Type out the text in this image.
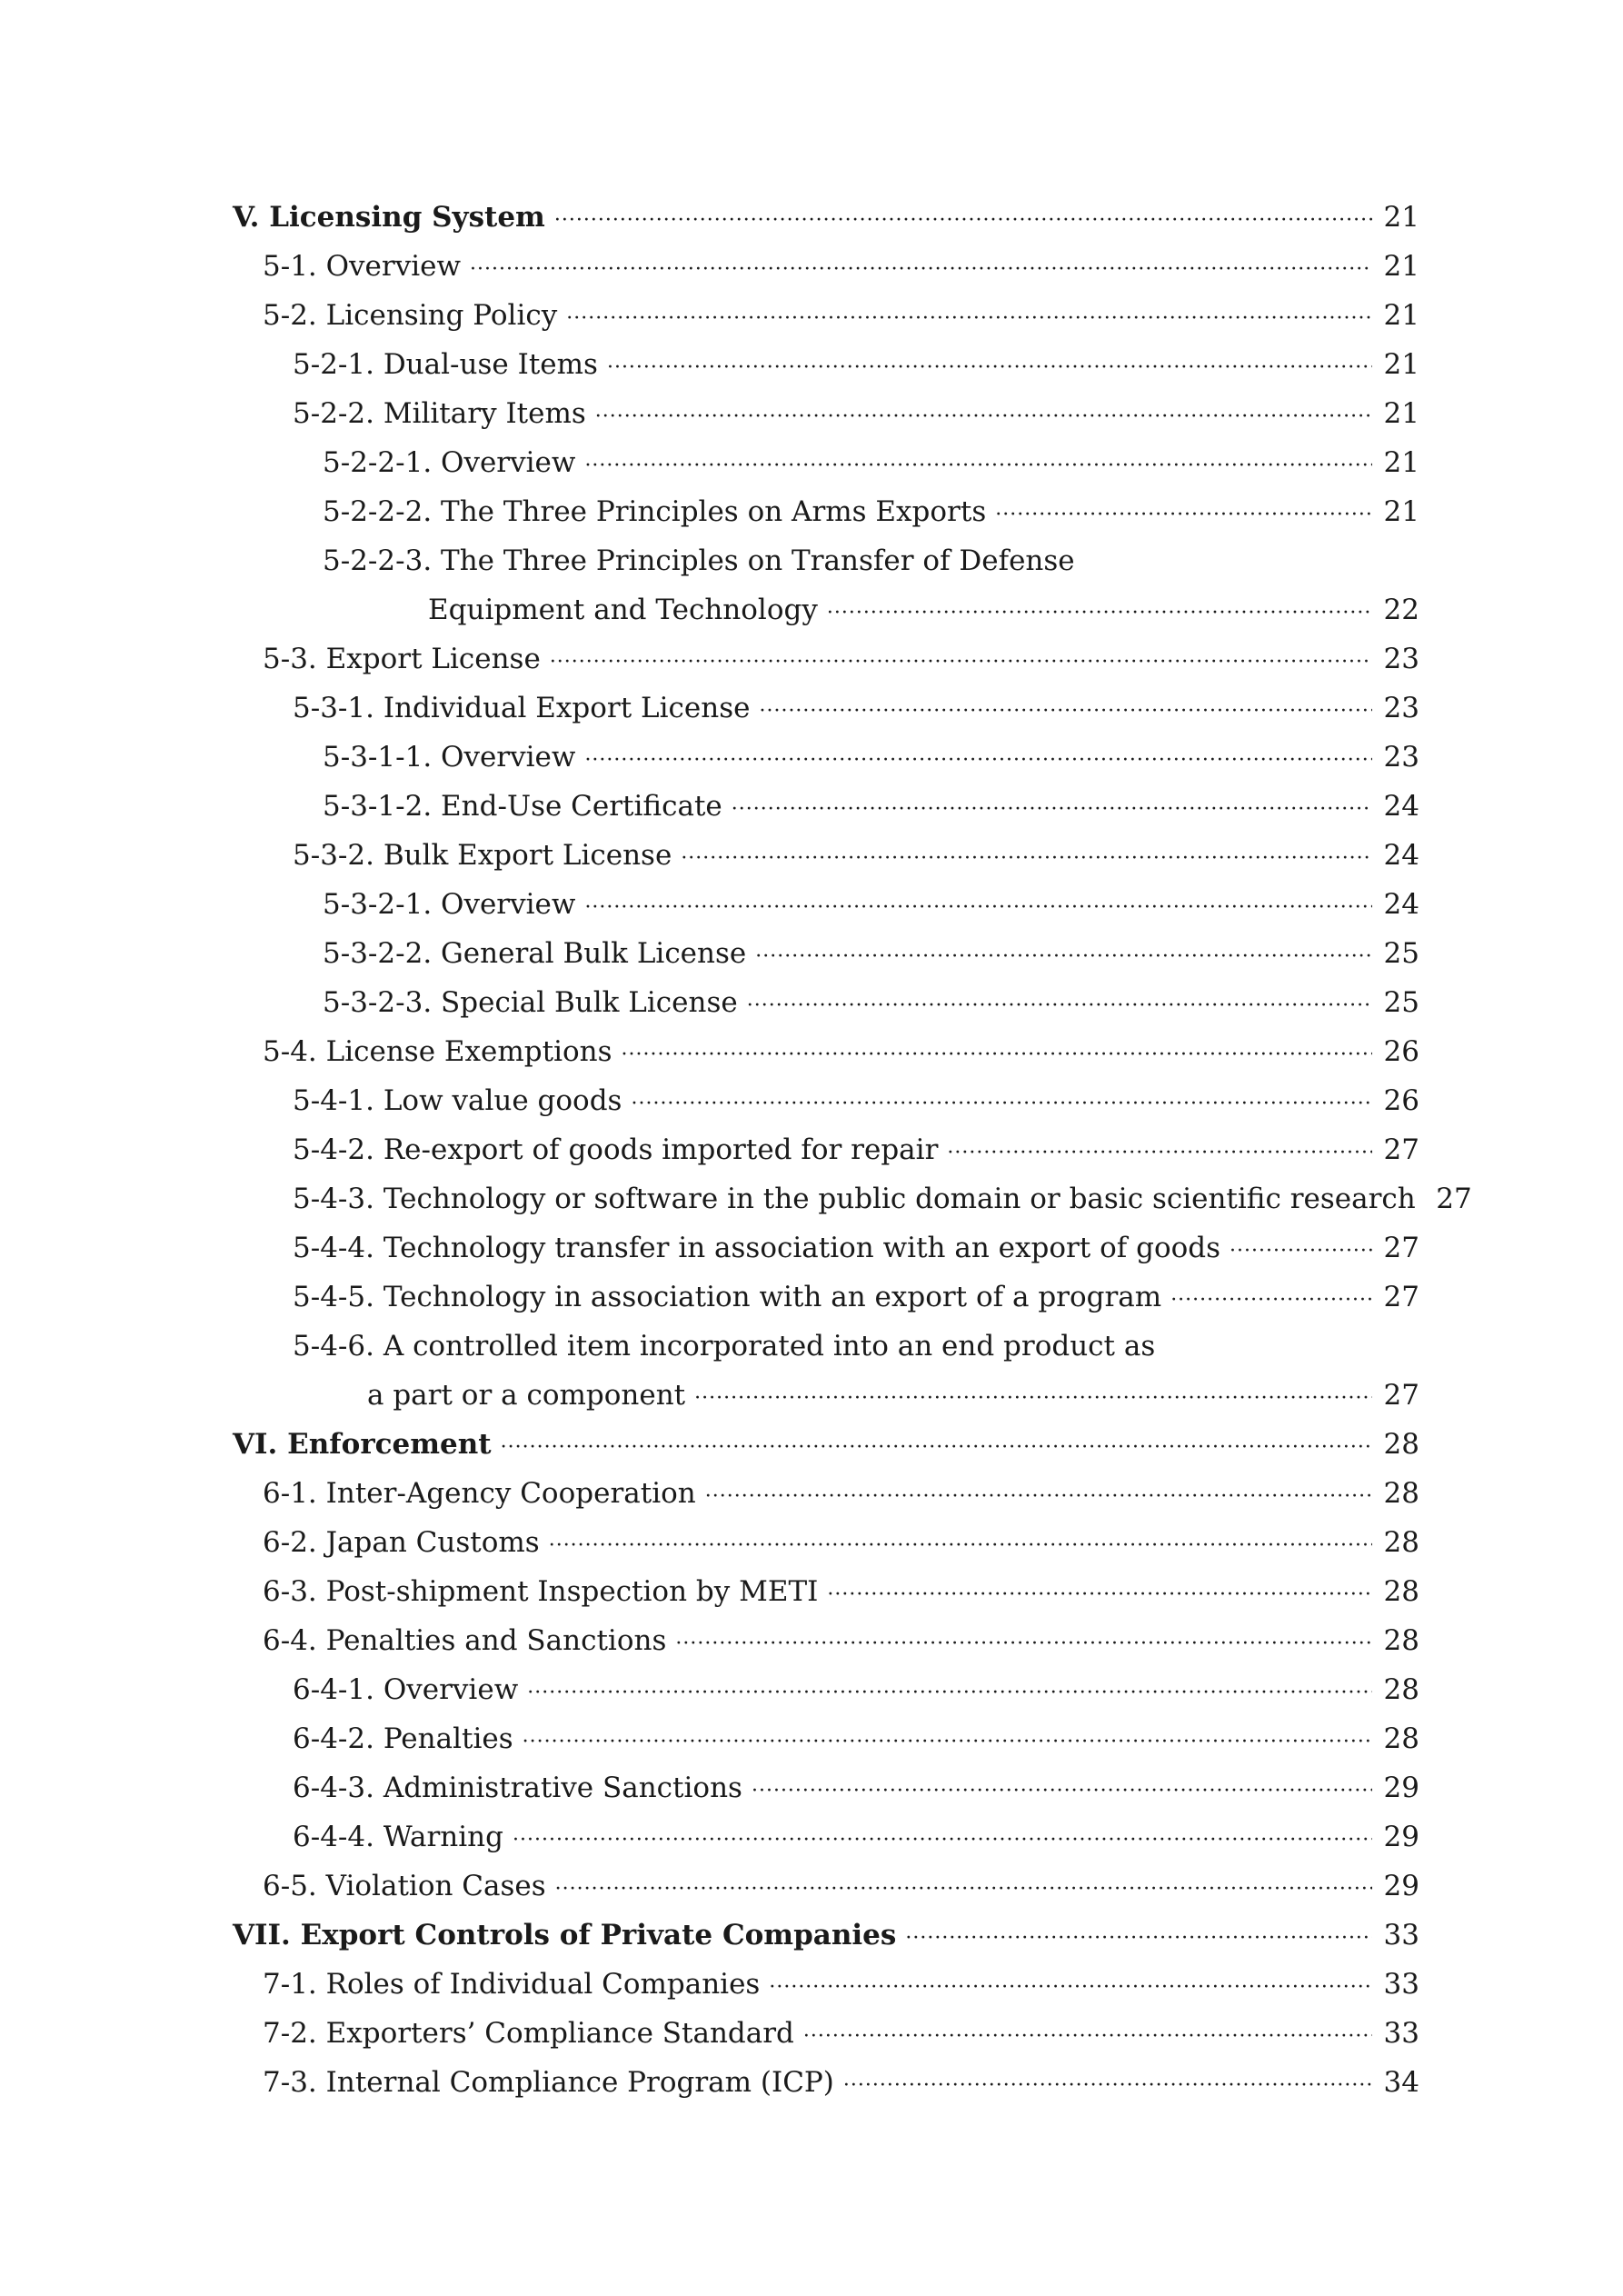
V. Licensing System ·····	21
5-1. Overview ·····	21
5-2. Licensing Policy ·····	21
5-2-1. Dual-use Items ·····	21
5-2-2. Military Items ·····	21
5-2-2-1. Overview ·····	21
5-2-2-2. The Three Principles on Arms Exports ·····	21
5-2-2-3. The Three Principles on Transfer of Defense
Equipment and Technology ·····	22
5-3. Export License ·····	23
5-3-1. Individual Export License ·····	23
5-3-1-1. Overview ·····	23
5-3-1-2. End-Use Certificate ·····	24
5-3-2. Bulk Export License ·····	24
5-3-2-1. Overview ·····	24
5-3-2-2. General Bulk License ·····	25
5-3-2-3. Special Bulk License ·····	25
5-4. License Exemptions ·····	26
5-4-1. Low value goods ·····	26
5-4-2. Re-export of goods imported for repair ·····	27
5-4-3. Technology or software in the public domain or basic scientific research 27
5-4-4. Technology transfer in association with an export of goods ·····	27
5-4-5. Technology in association with an export of a program ·····	27
5-4-6. A controlled item incorporated into an end product as
a part or a component ·····	27
VI. Enforcement ·····	28
6-1. Inter-Agency Cooperation ·····	28
6-2. Japan Customs ·····	28
6-3. Post-shipment Inspection by METI ·····	28
6-4. Penalties and Sanctions ·····	28
6-4-1. Overview ·····	28
6-4-2. Penalties ·····	28
6-4-3. Administrative Sanctions ·····	29
6-4-4. Warning ·····	29
6-5. Violation Cases ·····	29
VII. Export Controls of Private Companies ·····	33
7-1. Roles of Individual Companies ·····	33
7-2. Exporters’ Compliance Standard ·····	33
7-3. Internal Compliance Program (ICP) ·····	34
